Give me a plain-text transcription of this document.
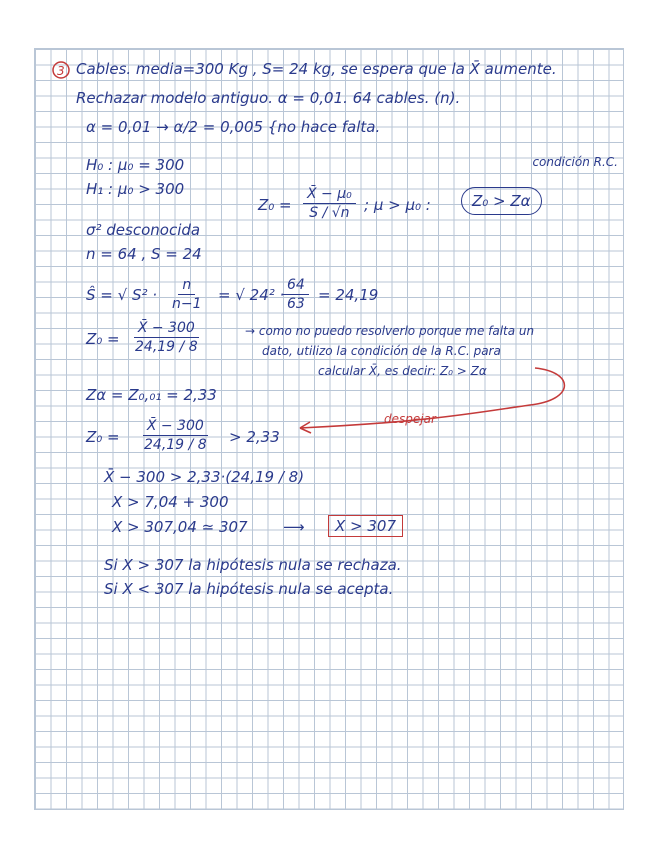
3 Cables. media=300 Kg , S= 24 kg, se espera que la X̄ aumente.
Rechazar modelo antiguo. α = 0,01. 64 cables. (n).
α = 0,01 → α/2 = 0,005 {no hace falta.
H₀ : μ₀ = 300
H₁ : μ₀ > 300
condición R.C.
$Z_0 = \frac{\text{X̄ − μ₀}}{S / √n}$ ; μ > μ₀ :	Z₀ > Zα
σ² desconocida
n = 64 , S = 24
Ŝ = √ $S^2 \cdot \frac{n}{n-1}$ = √ 24² ·
$\frac{64}{63} = 24,19$
$Z_0 = \frac{X̄ - 300}{24,19 / 8}$	→ como no puedo resolverlo porque me falta un
dato, utilizo la condición de la R.C. para
calcular X̄, es decir: Z₀ > Zα
Zα = Z₀,₀₁ = 2,33
$Z_0 = \frac{X̄ - 300}{24,19 / 8} > 2,33$
despejar
X̄ − 300 > 2,33·(24,19 / 8)
X > 7,04 + 300
X > 307,04 ≃ 307 ⟶	X > 307
Si X > 307 la hipótesis nula se rechaza.
Si X < 307 la hipótesis nula se acepta.
